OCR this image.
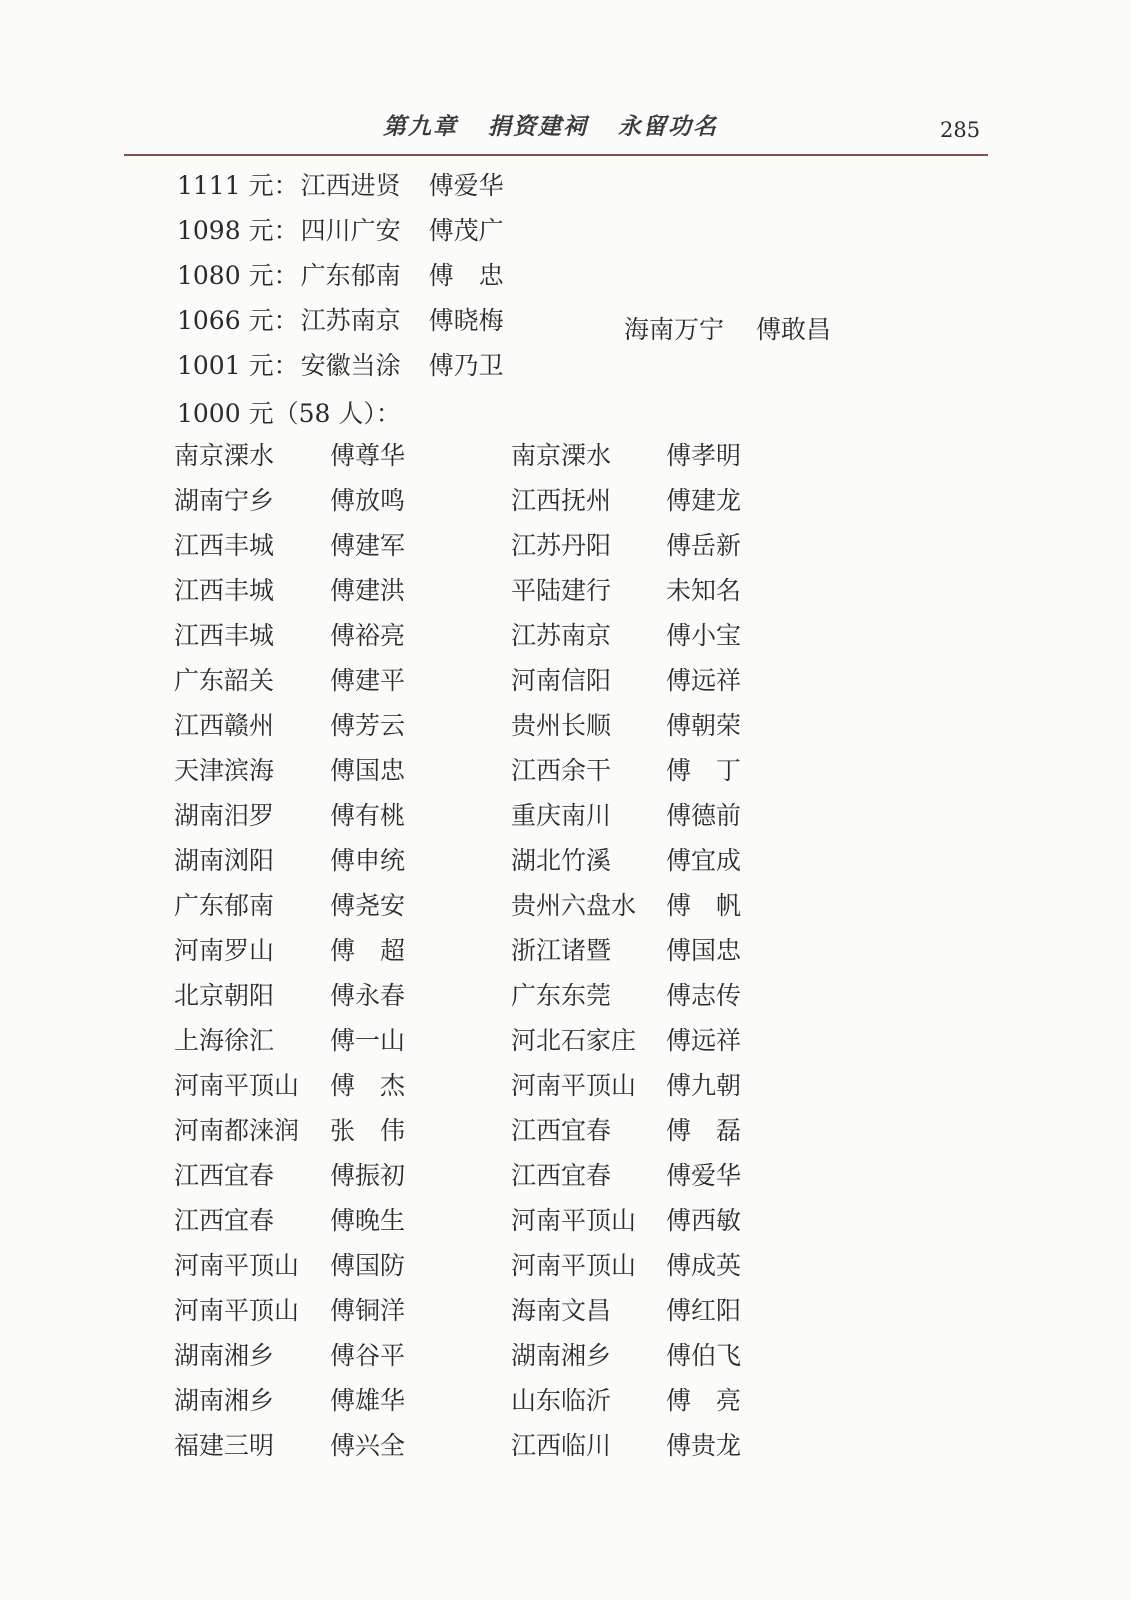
第九章   捐资建祠   永留功名	285
1111 元：江西进贤 傅爱华
1098 元：四川广安 傅茂广
1080 元：广东郁南 傅　忠
1066 元：江苏南京 傅晓梅
1001 元：安徽当涂 傅乃卫
海南万宁 傅敢昌
1000 元（58 人）：
南京溧水 傅尊华	南京溧水 傅孝明
湖南宁乡 傅放鸣	江西抚州 傅建龙
江西丰城 傅建军	江苏丹阳 傅岳新
江西丰城 傅建洪	平陆建行 未知名
江西丰城 傅裕亮	江苏南京 傅小宝
广东韶关 傅建平	河南信阳 傅远祥
江西赣州 傅芳云	贵州长顺 傅朝荣
天津滨海 傅国忠	江西余干 傅　丁
湖南汨罗 傅有桃	重庆南川 傅德前
湖南浏阳 傅申统	湖北竹溪 傅宜成
广东郁南 傅尧安	贵州六盘水 傅　帆
河南罗山 傅　超	浙江诸暨 傅国忠
北京朝阳 傅永春	广东东莞 傅志传
上海徐汇 傅一山	河北石家庄 傅远祥
河南平顶山 傅　杰	河南平顶山 傅九朝
河南都涞润 张　伟	江西宜春 傅　磊
江西宜春 傅振初	江西宜春 傅爱华
江西宜春 傅晚生	河南平顶山 傅西敏
河南平顶山 傅国防	河南平顶山 傅成英
河南平顶山 傅铜洋	海南文昌 傅红阳
湖南湘乡 傅谷平	湖南湘乡 傅伯飞
湖南湘乡 傅雄华	山东临沂 傅　亮
福建三明 傅兴全	江西临川 傅贵龙
